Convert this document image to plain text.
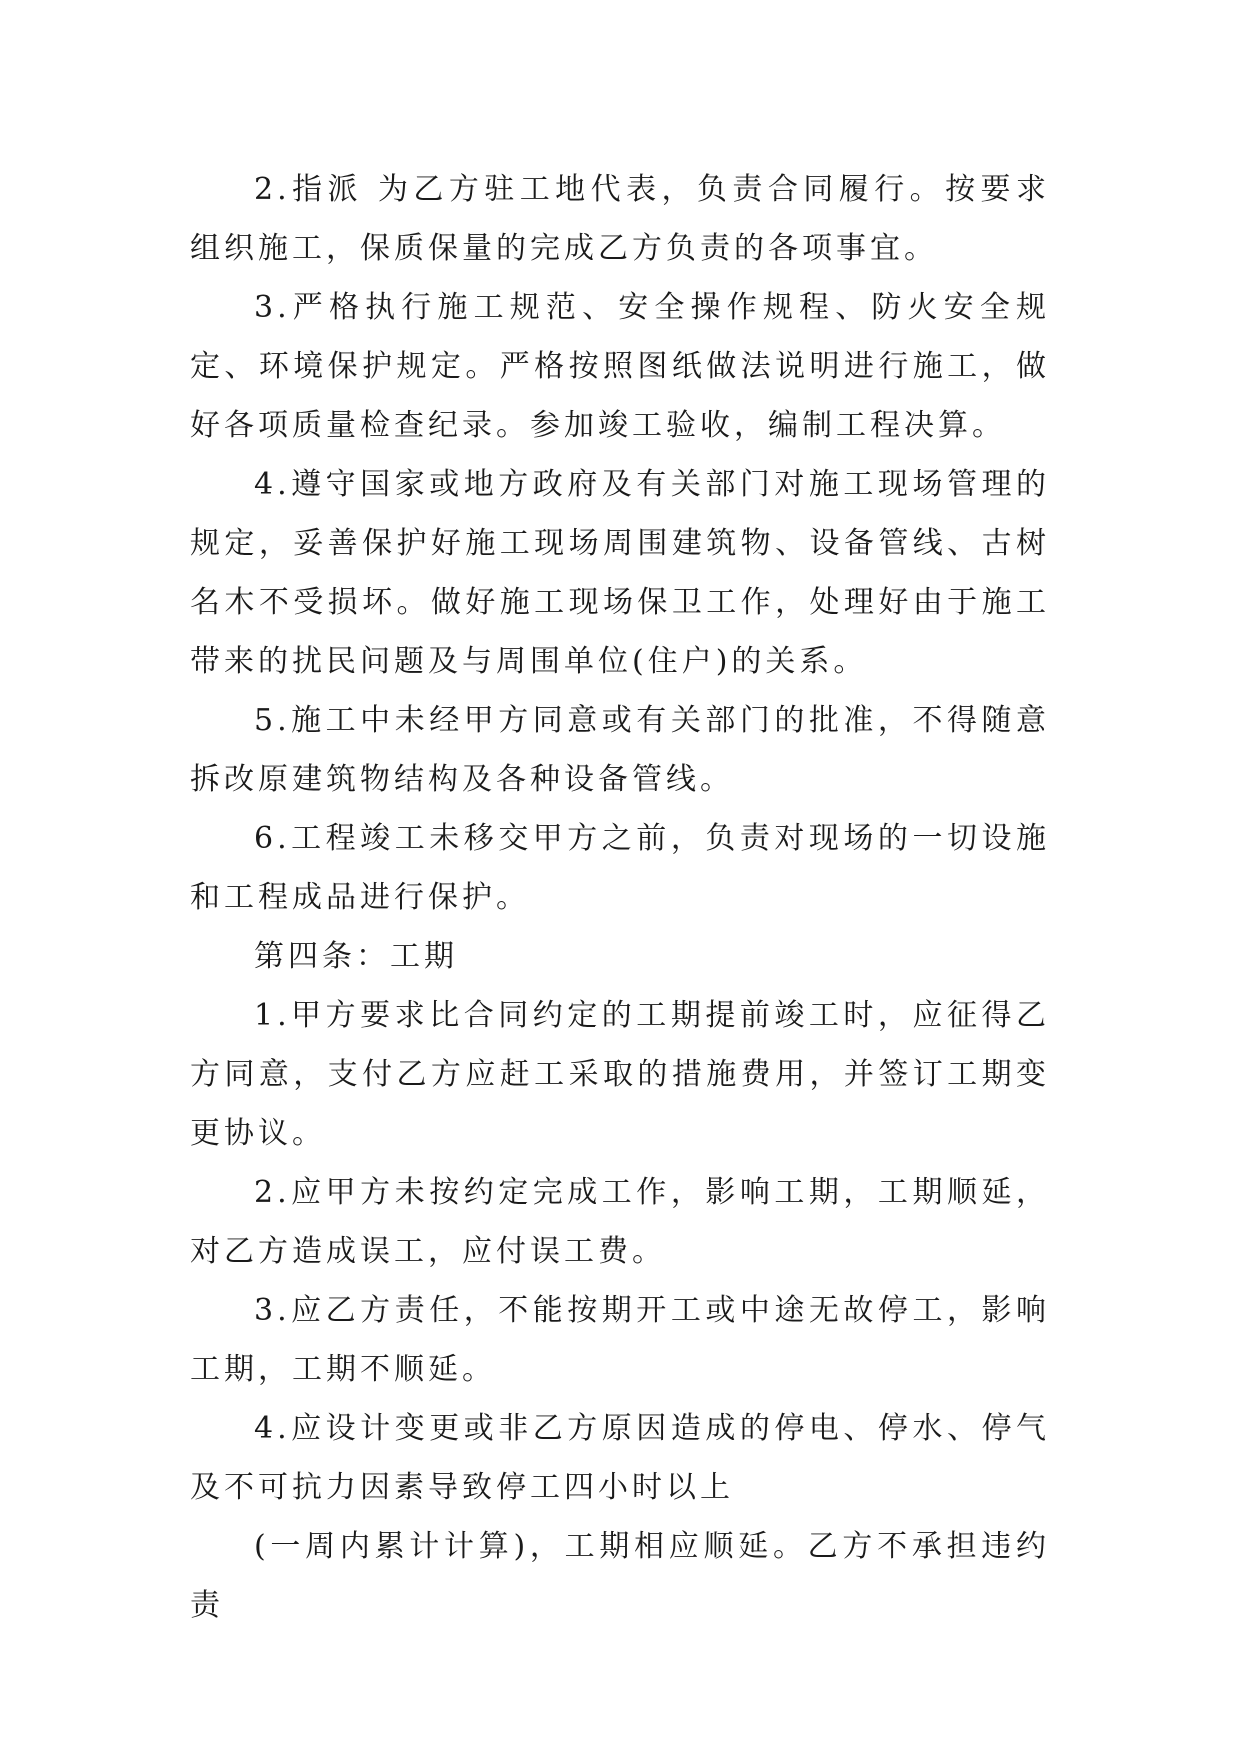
2.指派 为乙方驻工地代表，负责合同履行。按要求组织施工，保质保量的完成乙方负责的各项事宜。

3.严格执行施工规范、安全操作规程、防火安全规定、环境保护规定。严格按照图纸做法说明进行施工，做好各项质量检查纪录。参加竣工验收，编制工程决算。

4.遵守国家或地方政府及有关部门对施工现场管理的规定，妥善保护好施工现场周围建筑物、设备管线、古树名木不受损坏。做好施工现场保卫工作，处理好由于施工带来的扰民问题及与周围单位(住户)的关系。

5.施工中未经甲方同意或有关部门的批准，不得随意拆改原建筑物结构及各种设备管线。

6.工程竣工未移交甲方之前，负责对现场的一切设施和工程成品进行保护。

第四条：工期

1.甲方要求比合同约定的工期提前竣工时，应征得乙方同意，支付乙方应赶工采取的措施费用，并签订工期变更协议。

2.应甲方未按约定完成工作，影响工期，工期顺延，对乙方造成误工，应付误工费。

3.应乙方责任，不能按期开工或中途无故停工，影响工期，工期不顺延。

4.应设计变更或非乙方原因造成的停电、停水、停气及不可抗力因素导致停工四小时以上

(一周内累计计算)，工期相应顺延。乙方不承担违约责
